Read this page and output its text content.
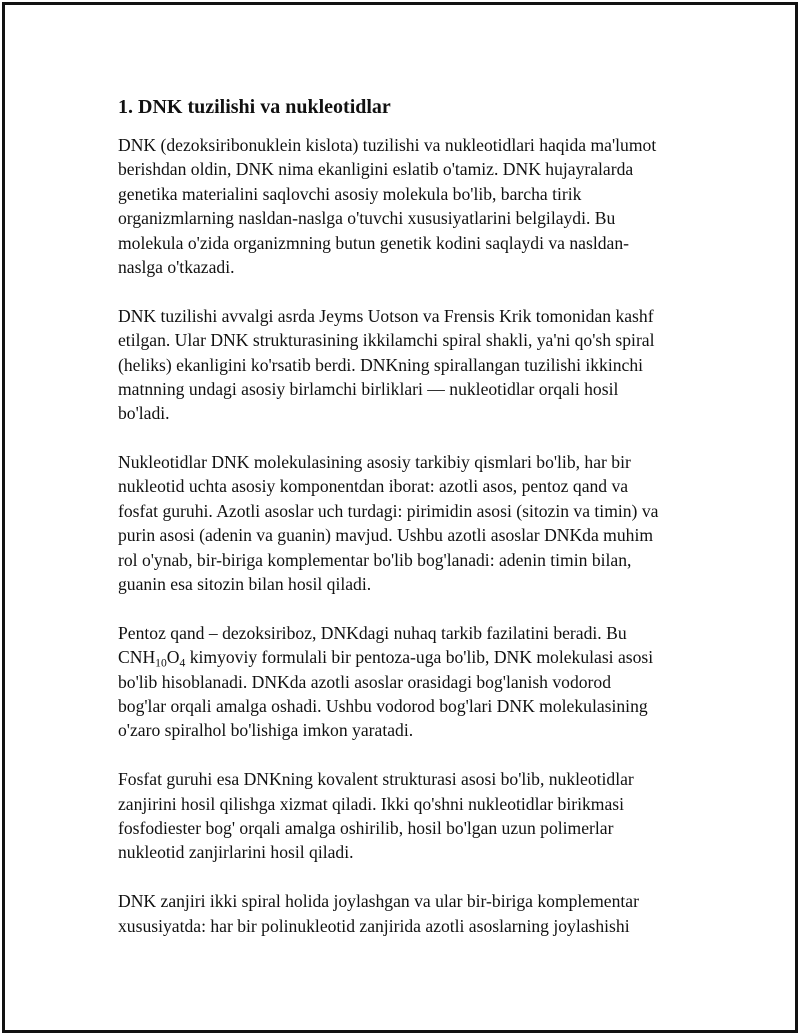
1. DNK tuzilishi va nukleotidlar
DNK (dezoksiribonuklein kislota) tuzilishi va nukleotidlari haqida ma'lumot
berishdan oldin, DNK nima ekanligini eslatib o'tamiz. DNK hujayralarda
genetika materialini saqlovchi asosiy molekula bo'lib, barcha tirik
organizmlarning nasldan-naslga o'tuvchi xususiyatlarini belgilaydi. Bu
molekula o'zida organizmning butun genetik kodini saqlaydi va nasldan-
naslga o'tkazadi.
DNK tuzilishi avvalgi asrda Jeyms Uotson va Frensis Krik tomonidan kashf
etilgan. Ular DNK strukturasining ikkilamchi spiral shakli, ya'ni qo'sh spiral
(heliks) ekanligini ko'rsatib berdi. DNKning spirallangan tuzilishi ikkinchi
matnning undagi asosiy birlamchi birliklari — nukleotidlar orqali hosil
bo'ladi.
Nukleotidlar DNK molekulasining asosiy tarkibiy qismlari bo'lib, har bir
nukleotid uchta asosiy komponentdan iborat: azotli asos, pentoz qand va
fosfat guruhi. Azotli asoslar uch turdagi: pirimidin asosi (sitozin va timin) va
purin asosi (adenin va guanin) mavjud. Ushbu azotli asoslar DNKda muhim
rol o'ynab, bir-biriga komplementar bo'lib bog'lanadi: adenin timin bilan,
guanin esa sitozin bilan hosil qiladi.
Pentoz qand – dezoksiriboz, DNKdagi nuhaq tarkib fazilatini beradi. Bu
$CNH_{10}O_4$ kimyoviy formulali bir pentoza-uga bo'lib, DNK molekulasi asosi
bo'lib hisoblanadi. DNKda azotli asoslar orasidagi bog'lanish vodorod
bog'lar orqali amalga oshadi. Ushbu vodorod bog'lari DNK molekulasining
o'zaro spiralhol bo'lishiga imkon yaratadi.
Fosfat guruhi esa DNKning kovalent strukturasi asosi bo'lib, nukleotidlar
zanjirini hosil qilishga xizmat qiladi. Ikki qo'shni nukleotidlar birikmasi
fosfodiester bog' orqali amalga oshirilib, hosil bo'lgan uzun polimerlar
nukleotid zanjirlarini hosil qiladi.
DNK zanjiri ikki spiral holida joylashgan va ular bir-biriga komplementar
xususiyatda: har bir polinukleotid zanjirida azotli asoslarning joylashishi
